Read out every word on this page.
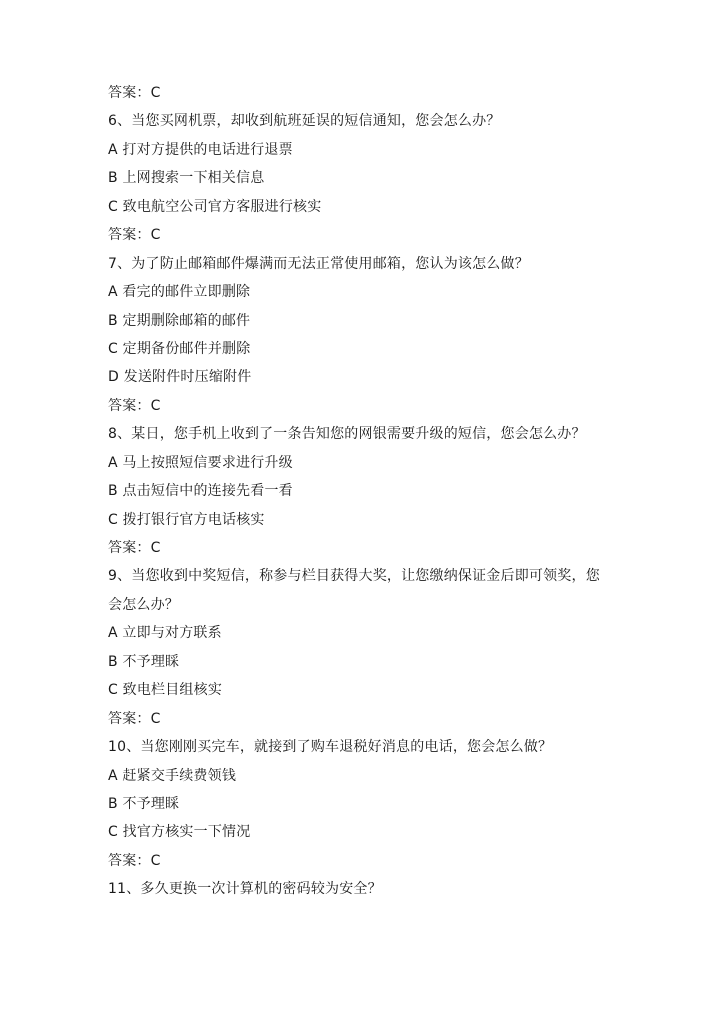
答案：C
6、当您买网机票，却收到航班延误的短信通知，您会怎么办？
A 打对方提供的电话进行退票
B 上网搜索一下相关信息
C 致电航空公司官方客服进行核实
答案：C
7、为了防止邮箱邮件爆满而无法正常使用邮箱，您认为该怎么做？
A 看完的邮件立即删除
B 定期删除邮箱的邮件
C 定期备份邮件并删除
D 发送附件时压缩附件
答案：C
8、某日，您手机上收到了一条告知您的网银需要升级的短信，您会怎么办？
A 马上按照短信要求进行升级
B 点击短信中的连接先看一看
C 拨打银行官方电话核实
答案：C
9、当您收到中奖短信，称参与栏目获得大奖，让您缴纳保证金后即可领奖，您
会怎么办？
A 立即与对方联系
B 不予理睬
C 致电栏目组核实
答案：C
10、当您刚刚买完车，就接到了购车退税好消息的电话，您会怎么做？
A 赶紧交手续费领钱
B 不予理睬
C 找官方核实一下情况
答案：C
11、多久更换一次计算机的密码较为安全？
